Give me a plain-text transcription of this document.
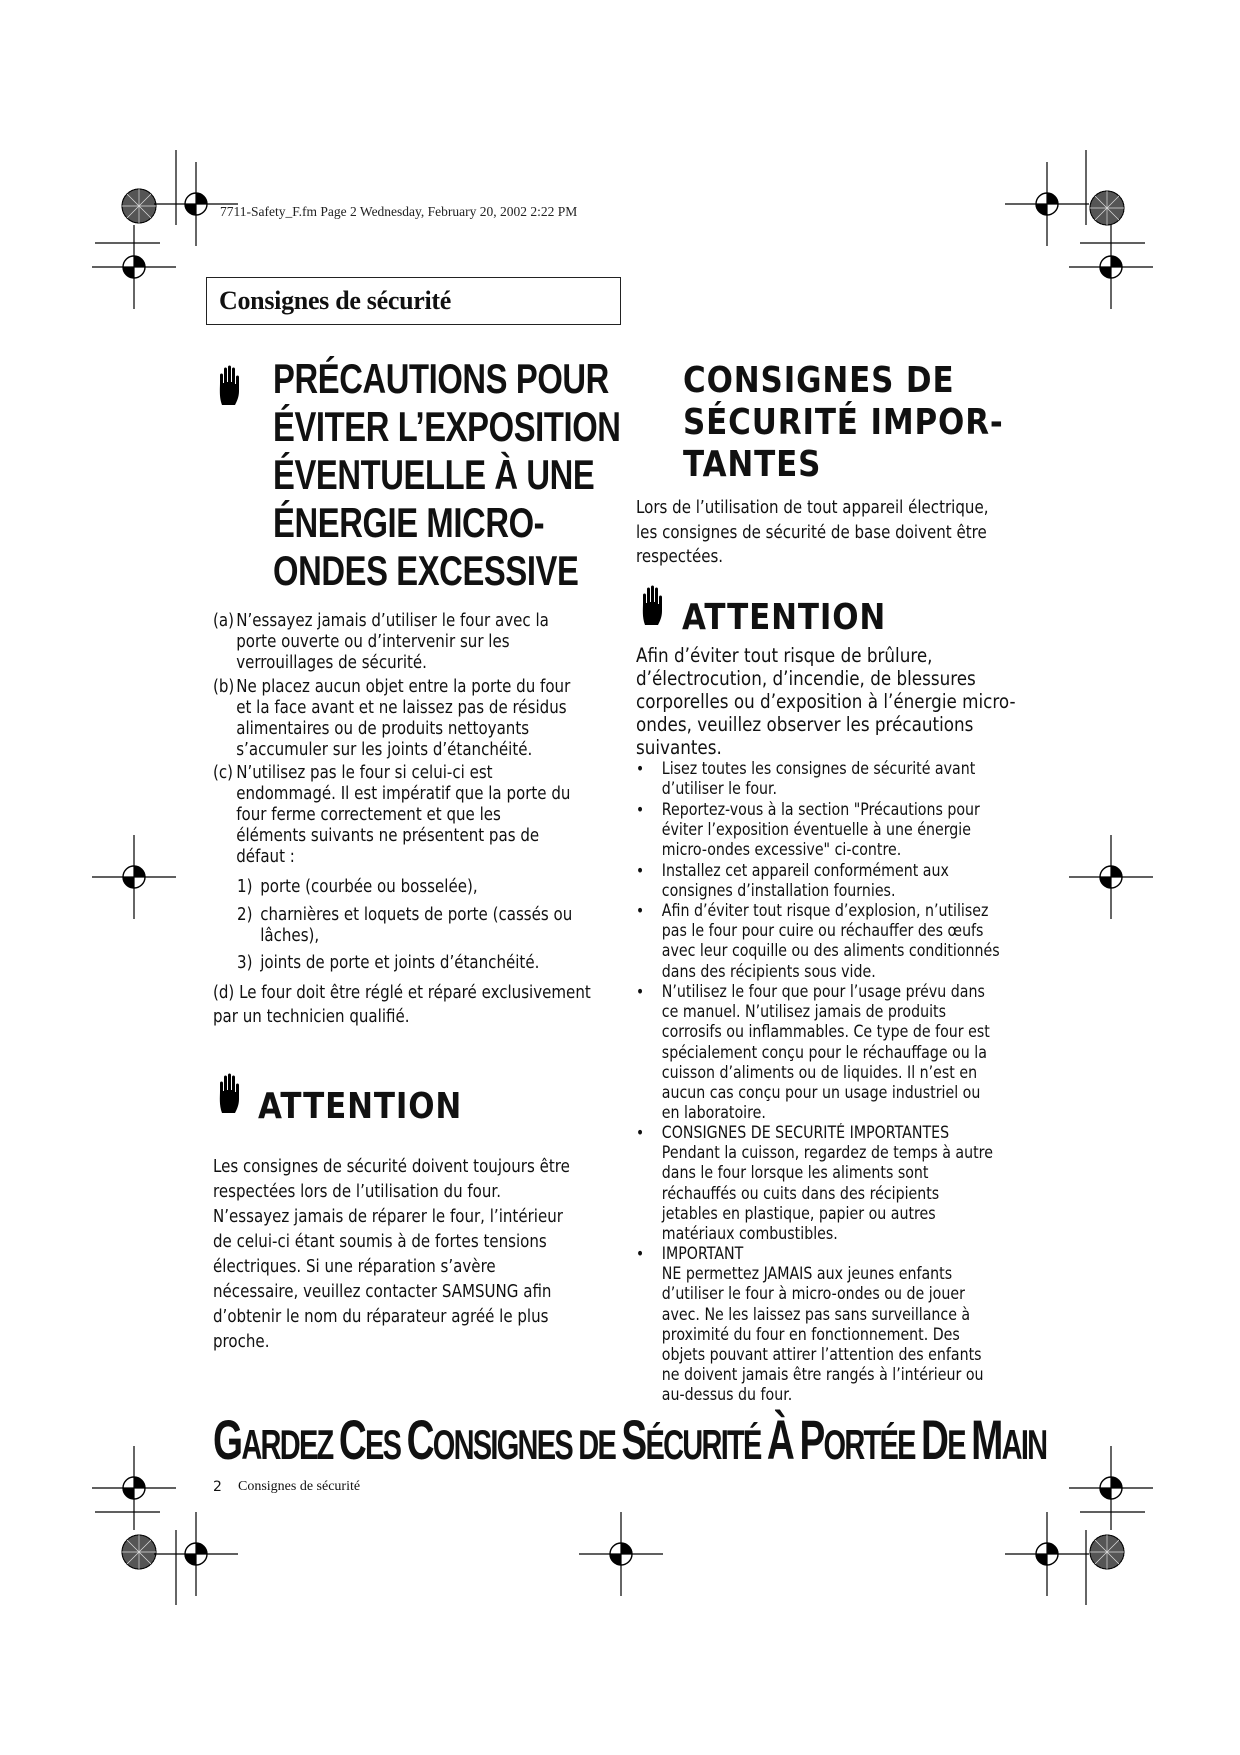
7711-Safety_F.fm Page 2 Wednesday, February 20, 2002 2:22 PM
Consignes de sécurité
PRÉCAUTIONS POUR
ÉVITER L’EXPOSITION
ÉVENTUELLE À UNE
ÉNERGIE MICRO-
ONDES EXCESSIVE
(a) N’essayez jamais d’utiliser le four avec la
porte ouverte ou d’intervenir sur les
verrouillages de sécurité.
(b) Ne placez aucun objet entre la porte du four
et la face avant et ne laissez pas de résidus
alimentaires ou de produits nettoyants
s’accumuler sur les joints d’étanchéité.
(c) N’utilisez pas le four si celui-ci est
endommagé. Il est impératif que la porte du
four ferme correctement et que les
éléments suivants ne présentent pas de
défaut :
1) porte (courbée ou bosselée),
2) charnières et loquets de porte (cassés ou
lâches),
3) joints de porte et joints d’étanchéité.
(d) Le four doit être réglé et réparé exclusivement
par un technicien qualifié.
ATTENTION
Les consignes de sécurité doivent toujours être
respectées lors de l’utilisation du four.
N’essayez jamais de réparer le four, l’intérieur
de celui-ci étant soumis à de fortes tensions
électriques. Si une réparation s’avère
nécessaire, veuillez contacter SAMSUNG afin
d’obtenir le nom du réparateur agréé le plus
proche.
CONSIGNES DE
SÉCURITÉ IMPOR-
TANTES
Lors de l’utilisation de tout appareil électrique,
les consignes de sécurité de base doivent être
respectées.
ATTENTION
Afin d’éviter tout risque de brûlure,
d’électrocution, d’incendie, de blessures
corporelles ou d’exposition à l’énergie micro-
ondes, veuillez observer les précautions
suivantes.
• Lisez toutes les consignes de sécurité avant
d’utiliser le four.
• Reportez-vous à la section "Précautions pour
éviter l’exposition éventuelle à une énergie
micro-ondes excessive" ci-contre.
• Installez cet appareil conformément aux
consignes d’installation fournies.
• Afin d’éviter tout risque d’explosion, n’utilisez
pas le four pour cuire ou réchauffer des œufs
avec leur coquille ou des aliments conditionnés
dans des récipients sous vide.
• N’utilisez le four que pour l’usage prévu dans
ce manuel. N’utilisez jamais de produits
corrosifs ou inflammables. Ce type de four est
spécialement conçu pour le réchauffage ou la
cuisson d’aliments ou de liquides. Il n’est en
aucun cas conçu pour un usage industriel ou
en laboratoire.
• CONSIGNES DE SECURITÉ IMPORTANTES
Pendant la cuisson, regardez de temps à autre
dans le four lorsque les aliments sont
réchauffés ou cuits dans des récipients
jetables en plastique, papier ou autres
matériaux combustibles.
• IMPORTANT
NE permettez JAMAIS aux jeunes enfants
d’utiliser le four à micro-ondes ou de jouer
avec. Ne les laissez pas sans surveillance à
proximité du four en fonctionnement. Des
objets pouvant attirer l’attention des enfants
ne doivent jamais être rangés à l’intérieur ou
au-dessus du four.
GARDEZ CES CONSIGNES DE SÉCURITÉ À PORTÉE DE MAIN
2 Consignes de sécurité
